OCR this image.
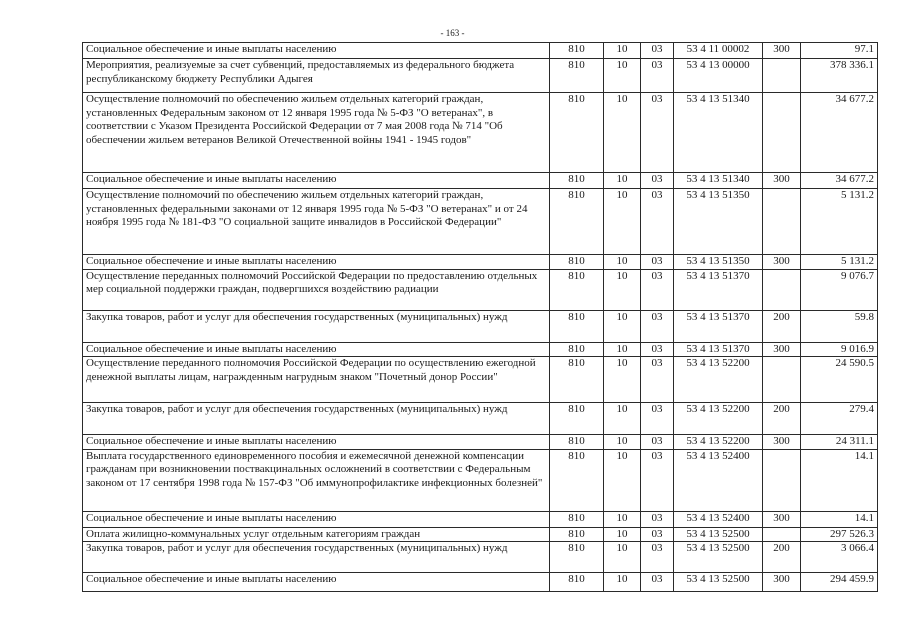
- 163 -
Социальное обеспечение и иные выплаты населению	810	10	03	53 4 11 00002	300	97.1
Мероприятия, реализуемые за счет субвенций, предоставляемых из федерального бюджета республиканскому бюджету Республики Адыгея	810	10	03	53 4 13 00000		378 336.1
Осуществление полномочий по обеспечению жильем отдельных категорий граждан, установленных Федеральным законом от 12 января 1995 года № 5-ФЗ "О ветеранах", в соответствии с Указом Президента Российской Федерации от 7 мая 2008 года № 714 "Об обеспечении жильем ветеранов Великой Отечественной войны 1941 - 1945 годов"	810	10	03	53 4 13 51340		34 677.2
Социальное обеспечение и иные выплаты населению	810	10	03	53 4 13 51340	300	34 677.2
Осуществление полномочий по обеспечению жильем отдельных категорий граждан, установленных федеральными законами от 12 января 1995 года № 5-ФЗ "О ветеранах" и от 24 ноября 1995 года № 181-ФЗ "О социальной защите инвалидов в Российской Федерации"	810	10	03	53 4 13 51350		5 131.2
Социальное обеспечение и иные выплаты населению	810	10	03	53 4 13 51350	300	5 131.2
Осуществление переданных полномочий Российской Федерации по предоставлению отдельных мер социальной поддержки граждан, подвергшихся воздействию радиации	810	10	03	53 4 13 51370		9 076.7
Закупка товаров, работ и услуг для обеспечения государственных (муниципальных) нужд	810	10	03	53 4 13 51370	200	59.8
Социальное обеспечение и иные выплаты населению	810	10	03	53 4 13 51370	300	9 016.9
Осуществление переданного полномочия Российской Федерации по осуществлению ежегодной денежной выплаты лицам, награжденным нагрудным знаком "Почетный донор России"	810	10	03	53 4 13 52200		24 590.5
Закупка товаров, работ и услуг для обеспечения государственных (муниципальных) нужд	810	10	03	53 4 13 52200	200	279.4
Социальное обеспечение и иные выплаты населению	810	10	03	53 4 13 52200	300	24 311.1
Выплата государственного единовременного пособия и ежемесячной денежной компенсации гражданам при возникновении поствакцинальных осложнений в соответствии с Федеральным законом от 17 сентября 1998 года № 157-ФЗ "Об иммунопрофилактике инфекционных болезней"	810	10	03	53 4 13 52400		14.1
Социальное обеспечение и иные выплаты населению	810	10	03	53 4 13 52400	300	14.1
Оплата жилищно-коммунальных услуг отдельным категориям граждан	810	10	03	53 4 13 52500		297 526.3
Закупка товаров, работ и услуг для обеспечения государственных (муниципальных) нужд	810	10	03	53 4 13 52500	200	3 066.4
Социальное обеспечение и иные выплаты населению	810	10	03	53 4 13 52500	300	294 459.9
